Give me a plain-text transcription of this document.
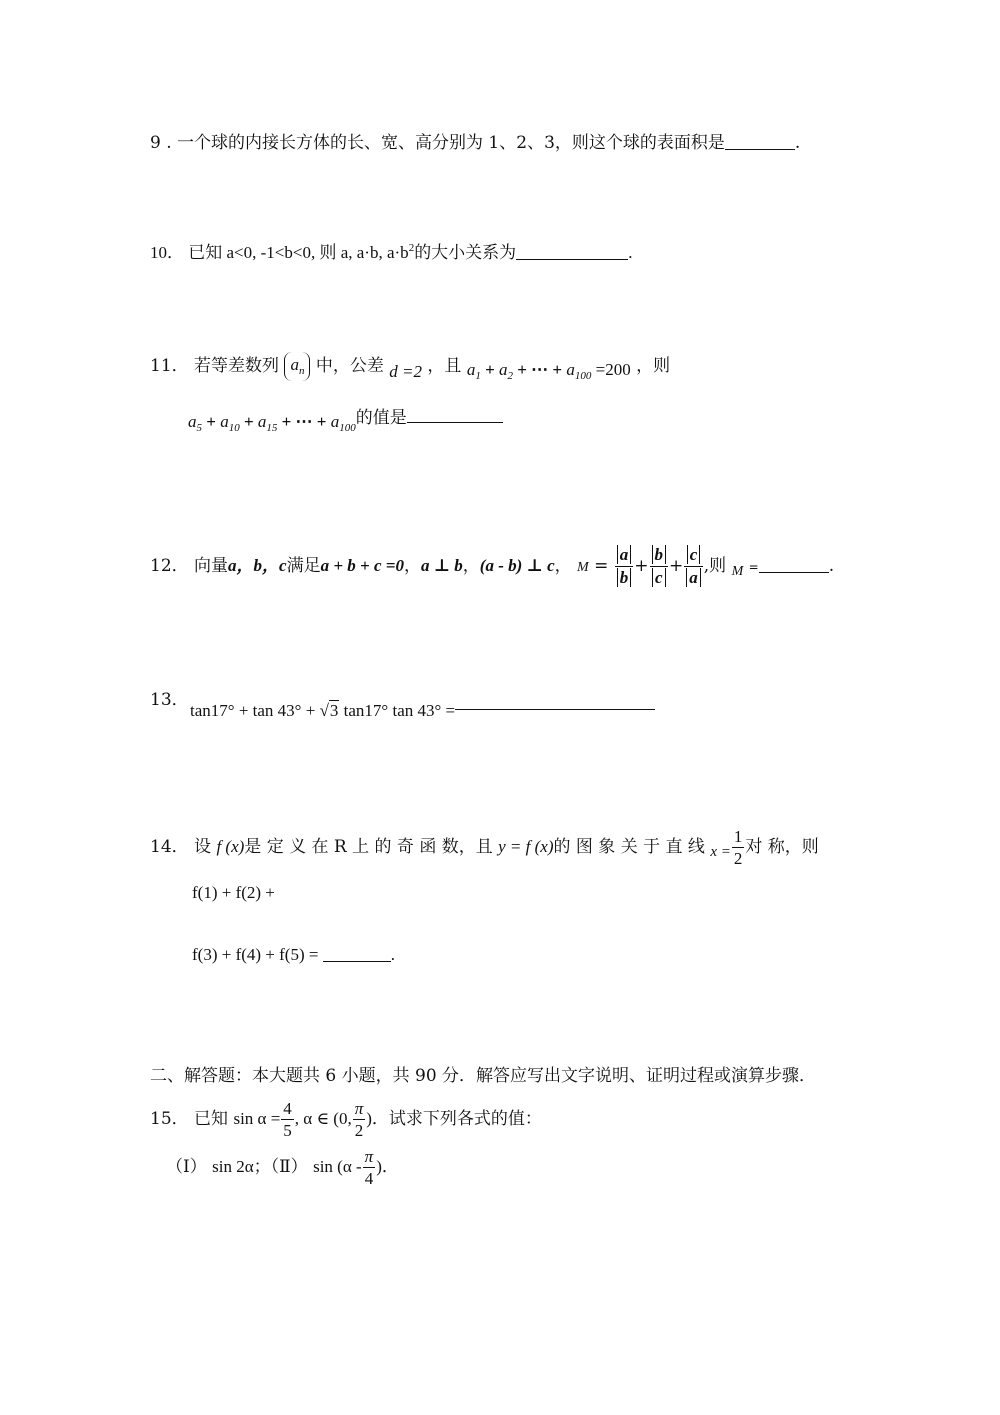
9 . 一个球的内接长方体的长、宽、高分别为 1、2、3，则这个球的表面积是	.
10． 已知 a<0, -1<b<0, 则 a, a·b, $a\cdot b^2$的大小关系为	.
11． 若等差数列 $a_n$ 中，公差 d =2 ，且 $a_1 + a_2$ + ⋯ + $a_{100} =200$ ，则
$a_5 + a_{10} + a_{15}$ + ⋯ + $a_{100}$的值是
12． 向量a，b，c满足a + b + c =0，a ⊥ b，(a - b) ⊥ c， $M = \frac{a}{b} + \frac{b}{c} + \frac{c}{a}$ ,则 $_M$ =	.
13．
tan17° + tan 43° + √3 tan17° tan 43° =
14． 设 f (x)是 定 义 在 R 上 的 奇 函 数，且 y = f (x)的 图 象 关 于 直 线 $x = \frac{1}{2}$ 对 称，则
f(1) + f(2) +
f(3) + f(4) + f(5) =	.
二、解答题：本大题共 6 小题，共 90 分．解答应写出文字说明、证明过程或演算步骤．
15． 已知 $\sin \alpha = \frac{4}{5}$ , α ∈ (0, $\frac{\pi}{2}$ )．试求下列各式的值：
（Ⅰ） sin 2α；（Ⅱ） $\sin (\alpha - \frac{\pi}{4}$ )．
